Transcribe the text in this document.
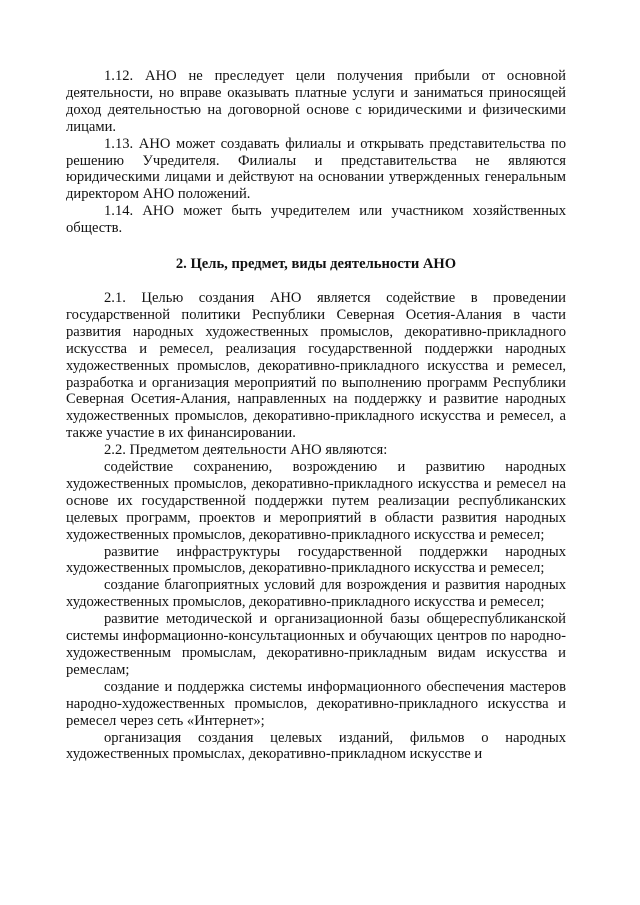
1.12. АНО не преследует цели получения прибыли от основной деятельности, но вправе оказывать платные услуги и заниматься приносящей доход деятельностью на договорной основе с юридическими и физическими лицами.

1.13. АНО может создавать филиалы и открывать представительства по решению Учредителя. Филиалы и представительства не являются юридическими лицами и действуют на основании утвержденных генеральным директором АНО положений.

1.14. АНО может быть учредителем или участником хозяйственных обществ.

2. Цель, предмет, виды деятельности АНО

2.1. Целью создания АНО является содействие в проведении государственной политики Республики Северная Осетия-Алания в части развития народных художественных промыслов, декоративно-прикладного искусства и ремесел, реализация государственной поддержки народных художественных промыслов, декоративно-прикладного искусства и ремесел, разработка и организация мероприятий по выполнению программ Республики Северная Осетия-Алания, направленных на поддержку и развитие народных художественных промыслов, декоративно-прикладного искусства и ремесел, а также участие в их финансировании.

2.2. Предметом деятельности АНО являются:

содействие сохранению, возрождению и развитию народных художественных промыслов, декоративно-прикладного искусства и ремесел на основе их государственной поддержки путем реализации республиканских целевых программ, проектов и мероприятий в области развития народных художественных промыслов, декоративно-прикладного искусства и ремесел;

развитие инфраструктуры государственной поддержки народных художественных промыслов, декоративно-прикладного искусства и ремесел;

создание благоприятных условий для возрождения и развития народных художественных промыслов, декоративно-прикладного искусства и ремесел;

развитие методической и организационной базы общереспубликанской системы информационно-консультационных и обучающих центров по народно-художественным промыслам, декоративно-прикладным видам искусства и ремеслам;

создание и поддержка системы информационного обеспечения мастеров народно-художественных промыслов, декоративно-прикладного искусства и ремесел через сеть «Интернет»;

организация создания целевых изданий, фильмов о народных художественных промыслах, декоративно-прикладном искусстве и
